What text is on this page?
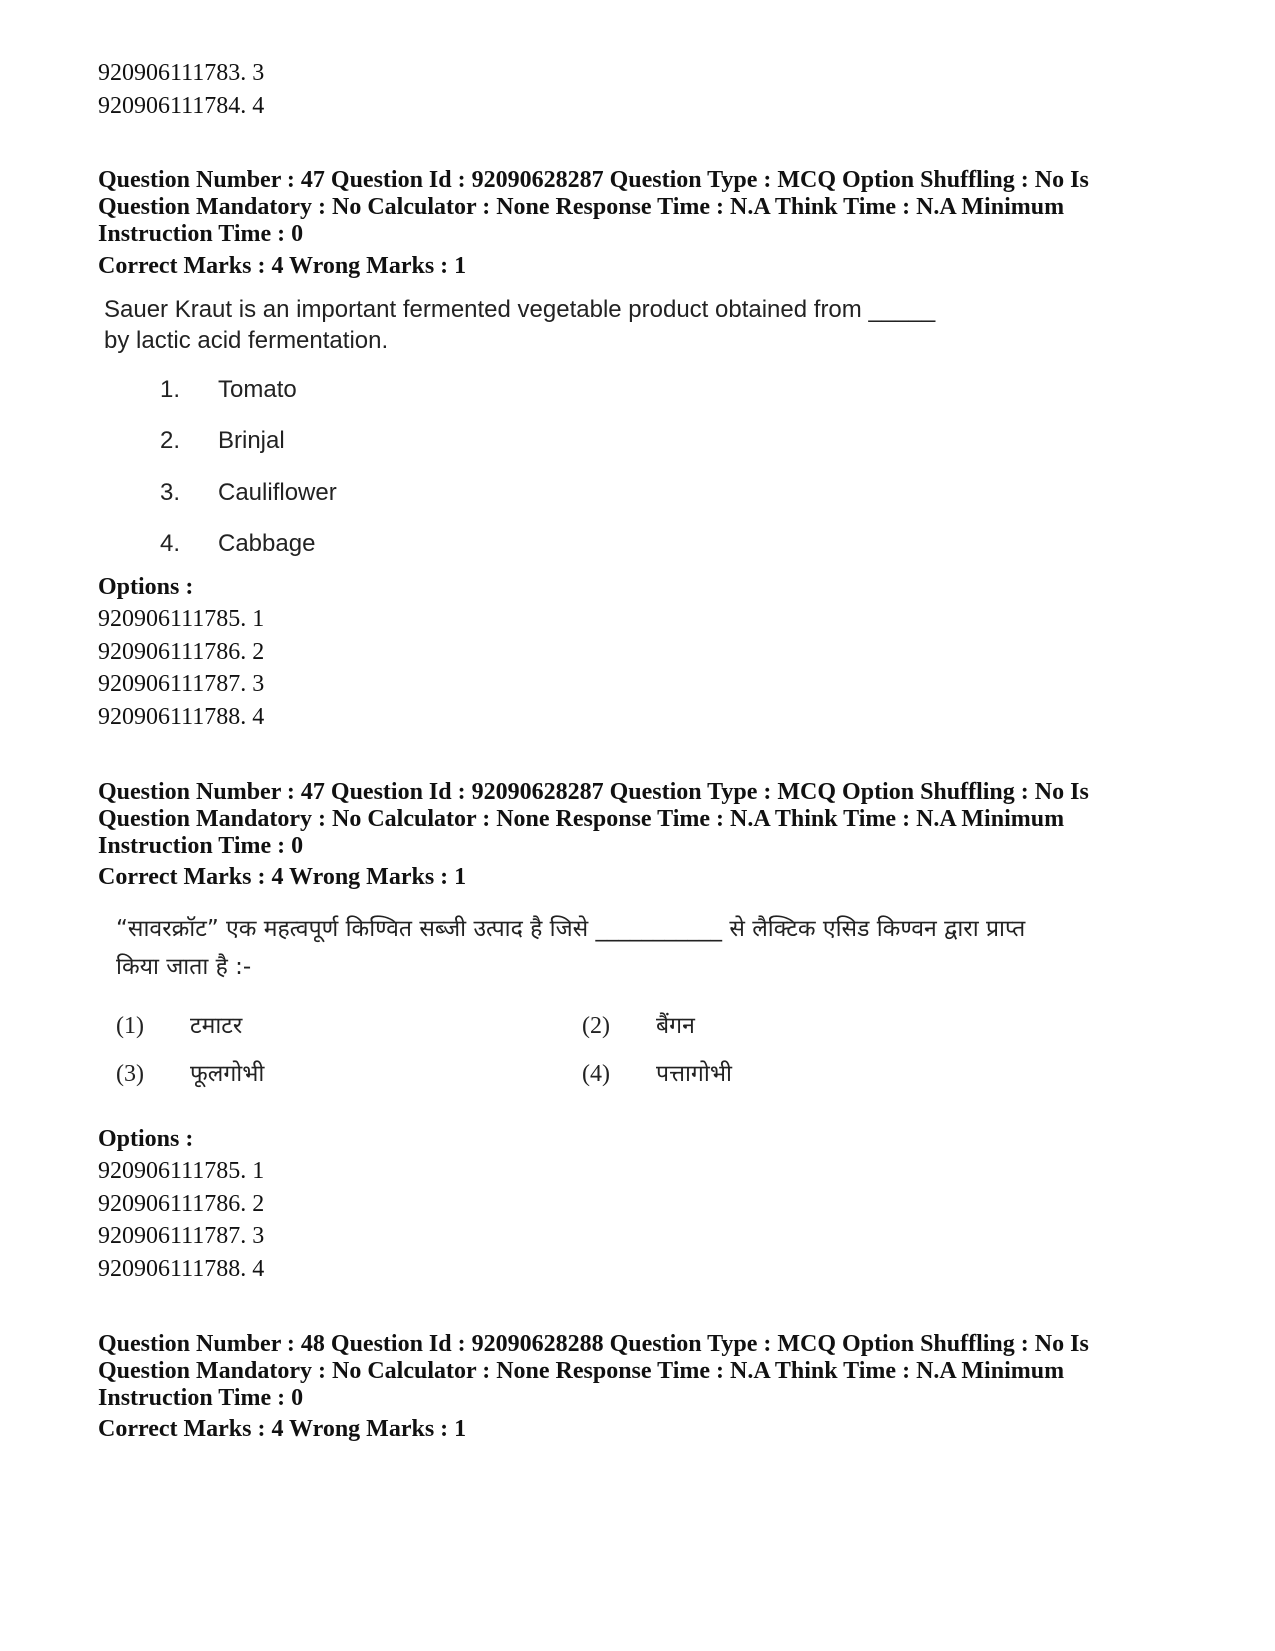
920906111783. 3
920906111784. 4
Question Number : 47 Question Id : 92090628287 Question Type : MCQ Option Shuffling : No Is
Question Mandatory : No Calculator : None Response Time : N.A Think Time : N.A Minimum
Instruction Time : 0
Correct Marks : 4 Wrong Marks : 1
Sauer Kraut is an important fermented vegetable product obtained from _____
by lactic acid fermentation.
1. Tomato
2. Brinjal
3. Cauliflower
4. Cabbage
Options :
920906111785. 1
920906111786. 2
920906111787. 3
920906111788. 4
Question Number : 47 Question Id : 92090628287 Question Type : MCQ Option Shuffling : No Is
Question Mandatory : No Calculator : None Response Time : N.A Think Time : N.A Minimum
Instruction Time : 0
Correct Marks : 4 Wrong Marks : 1
“सावरक्रॉट” एक महत्वपूर्ण किण्वित सब्जी उत्पाद है जिसे ___________ से लैक्टिक एसिड किण्वन द्वारा प्राप्त
किया जाता है :-
(1) टमाटर	(2) बैंगन
(3) फूलगोभी	(4) पत्तागोभी
Options :
920906111785. 1
920906111786. 2
920906111787. 3
920906111788. 4
Question Number : 48 Question Id : 92090628288 Question Type : MCQ Option Shuffling : No Is
Question Mandatory : No Calculator : None Response Time : N.A Think Time : N.A Minimum
Instruction Time : 0
Correct Marks : 4 Wrong Marks : 1
